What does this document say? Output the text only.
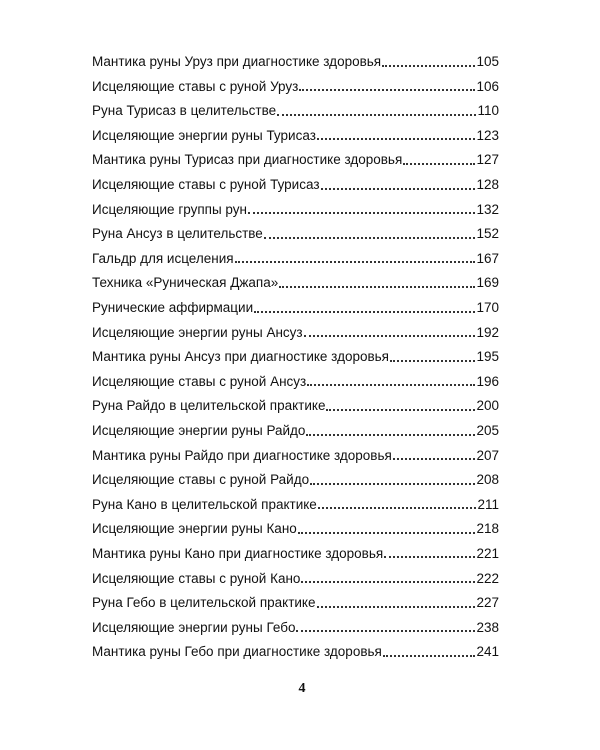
Мантика руны Уруз при диагностике здоровья	105
Исцеляющие ставы с руной Уруз	106
Руна Турисаз в целительстве	110
Исцеляющие энергии руны Турисаз	123
Мантика руны Турисаз при диагностике здоровья	127
Исцеляющие ставы с руной Турисаз	128
Исцеляющие группы рун	132
Руна Ансуз в целительстве	152
Гальдр для исцеления	167
Техника «Руническая Джапа»	169
Рунические аффирмации	170
Исцеляющие энергии руны Ансуз	192
Мантика руны Ансуз при диагностике здоровья	195
Исцеляющие ставы с руной Ансуз	196
Руна Райдо в целительской практике	200
Исцеляющие энергии руны Райдо	205
Мантика руны Райдо при диагностике здоровья	207
Исцеляющие ставы с руной Райдо	208
Руна Кано в целительской практике	211
Исцеляющие энергии руны Кано	218
Мантика руны Кано при диагностике здоровья	221
Исцеляющие ставы с руной Кано	222
Руна Гебо в целительской практике	227
Исцеляющие энергии руны Гебо	238
Мантика руны Гебо при диагностике здоровья	241
4
